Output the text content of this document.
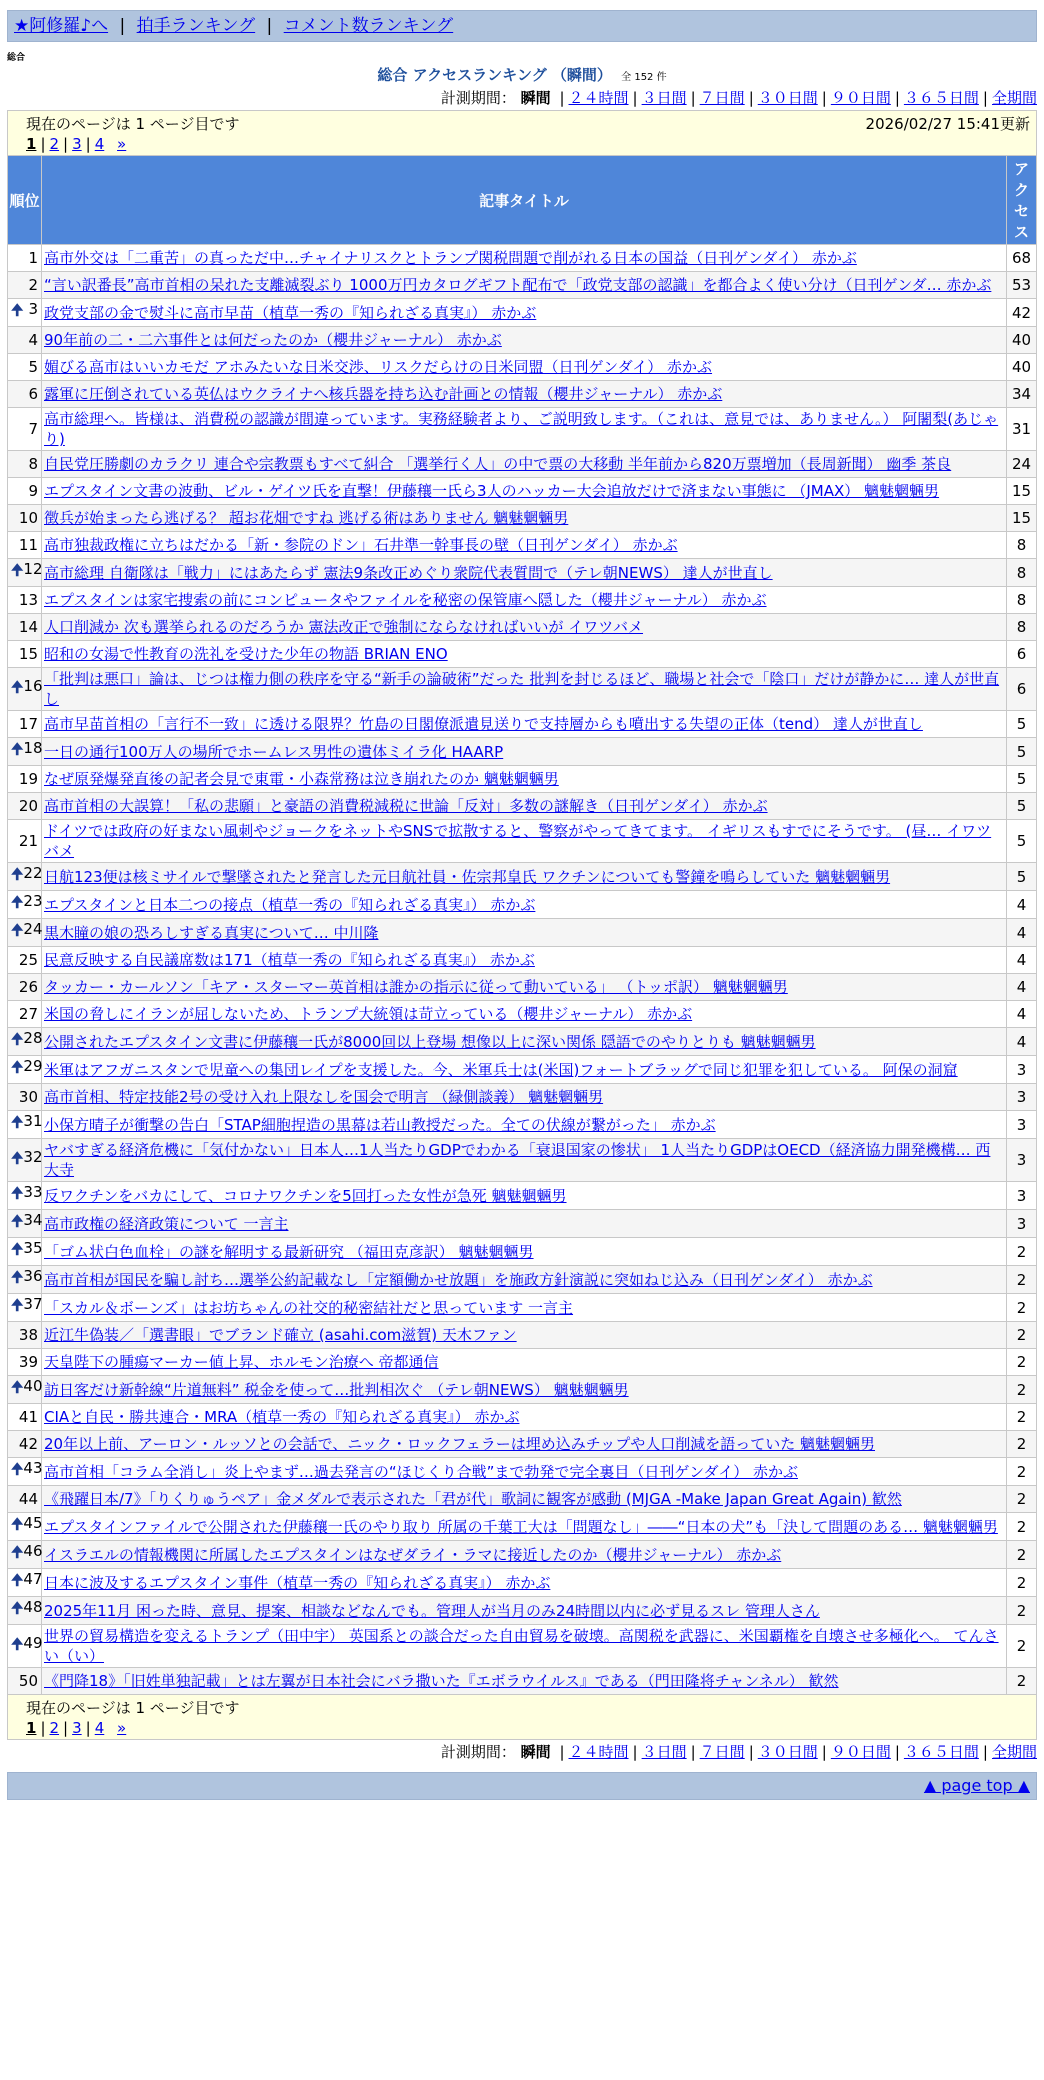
★阿修羅♪へ | 拍手ランキング | コメント数ランキング
総合
総合 アクセスランキング （瞬間） 全 152 件
計測期間： 瞬間 | ２４時間 | ３日間 | ７日間 | ３０日間 | ９０日間 | ３６５日間 | 全期間
2026/02/27 15:41更新
現在のページは 1 ページ目です
1 | 2 | 3 | 4 »		

順位	記事タイトル	アクセス
1	高市外交は「二重苦」の真っただ中…チャイナリスクとトランプ関税問題で削がれる日本の国益（日刊ゲンダイ） 赤かぶ	68
2	“言い訳番長”高市首相の呆れた支離滅裂ぶり 1000万円カタログギフト配布で「政党支部の認識」を都合よく使い分け（日刊ゲンダ… 赤かぶ	53

🠉 3	政党支部の金で熨斗に高市早苗（植草一秀の『知られざる真実』） 赤かぶ	42
4	90年前の二・二六事件とは何だったのか（櫻井ジャーナル） 赤かぶ	40
5	媚びる高市はいいカモだ アホみたいな日米交渉、リスクだらけの日米同盟（日刊ゲンダイ） 赤かぶ	40
6	露軍に圧倒されている英仏はウクライナへ核兵器を持ち込む計画との情報（櫻井ジャーナル） 赤かぶ	34
7	高市総理へ。皆様は、消費税の認識が間違っています。実務経験者より、ご説明致します。（これは、意見では、ありません。） 阿闍梨(あじゃり)	31
8	自民党圧勝劇のカラクリ 連合や宗教票もすべて糾合 「選挙行く人」の中で票の大移動 半年前から820万票増加（長周新聞） 幽季 茶良	24
9	エプスタイン文書の波動、ビル・ゲイツ氏を直撃！伊藤穰一氏ら3人のハッカー大会追放だけで済まない事態に （JMAX） 魑魅魍魎男	15
10	徴兵が始まったら逃げる？ 超お花畑ですね 逃げる術はありません 魑魅魍魎男	15
11	高市独裁政権に立ちはだかる「新・参院のドン」石井準一幹事長の壁（日刊ゲンダイ） 赤かぶ	8

🠉 12	高市総理 自衛隊は「戦力」にはあたらず 憲法9条改正めぐり衆院代表質問で（テレ朝NEWS） 達人が世直し	8
13	エプスタインは家宅捜索の前にコンピュータやファイルを秘密の保管庫へ隠した（櫻井ジャーナル） 赤かぶ	8
14	人口削減か 次も選挙られるのだろうか 憲法改正で強制にならなければいいが イワツバメ	8
15	昭和の女湯で性教育の洗礼を受けた少年の物語 BRIAN ENO	6

🠉 16	「批判は悪口」論は、じつは権力側の秩序を守る“新手の論破術”だった 批判を封じるほど、職場と社会で「陰口」だけが静かに… 達人が世直し	6
17	高市早苗首相の「言行不一致」に透ける限界？竹島の日閣僚派遣見送りで支持層からも噴出する失望の正体（tend） 達人が世直し	5

🠉 18	一日の通行100万人の場所でホームレス男性の遺体ミイラ化 HAARP	5
19	なぜ原発爆発直後の記者会見で東電・小森常務は泣き崩れたのか 魑魅魍魎男	5
20	高市首相の大誤算！「私の悲願」と豪語の消費税減税に世論「反対」多数の謎解き（日刊ゲンダイ） 赤かぶ	5
21	ドイツでは政府の好まない風刺やジョークをネットやSNSで拡散すると、警察がやってきてます。 イギリスもすでにそうです。 (昼… イワツバメ	5

🠉 22	日航123便は核ミサイルで撃墜されたと発言した元日航社員・佐宗邦皇氏 ワクチンについても警鐘を鳴らしていた 魑魅魍魎男	5

🠉 23	エプスタインと日本二つの接点（植草一秀の『知られざる真実』） 赤かぶ	4

🠉 24	黒木瞳の娘の恐ろしすぎる真実について… 中川隆	4
25	民意反映する自民議席数は171（植草一秀の『知られざる真実』） 赤かぶ	4
26	タッカー・カールソン「キア・スターマー英首相は誰かの指示に従って動いている」 （トッポ訳） 魑魅魍魎男	4
27	米国の脅しにイランが屈しないため、トランプ大統領は苛立っている（櫻井ジャーナル） 赤かぶ	4

🠉 28	公開されたエプスタイン文書に伊藤穰一氏が8000回以上登場 想像以上に深い関係 隠語でのやりとりも 魑魅魍魎男	4

🠉 29	米軍はアフガニスタンで児童への集団レイプを支援した。今、米軍兵士は(米国)フォートブラッグで同じ犯罪を犯している。 阿保の洞窟	3
30	高市首相、特定技能2号の受け入れ上限なしを国会で明言 （緑側談義） 魑魅魍魎男	3

🠉 31	小保方晴子が衝撃の告白「STAP細胞捏造の黒幕は若山教授だった。全ての伏線が繋がった」 赤かぶ	3

🠉 32	ヤバすぎる経済危機に「気付かない」日本人…1人当たりGDPでわかる「衰退国家の惨状」 1人当たりGDPはOECD（経済協力開発機構… 西大寺	3

🠉 33	反ワクチンをバカにして、コロナワクチンを5回打った女性が急死 魑魅魍魎男	3

🠉 34	高市政権の経済政策について 一言主	3

🠉 35	「ゴム状白色血栓」の謎を解明する最新研究 （福田克彦訳） 魑魅魍魎男	2

🠉 36	高市首相が国民を騙し討ち…選挙公約記載なし「定額働かせ放題」を施政方針演説に突如ねじ込み（日刊ゲンダイ） 赤かぶ	2

🠉 37	「スカル＆ボーンズ」はお坊ちゃんの社交的秘密結社だと思っています 一言主	2
38	近江牛偽装／「選書眼」でブランド確立 (asahi.com滋賀) 天木ファン	2
39	天皇陛下の腫瘍マーカー値上昇、ホルモン治療へ 帝都通信	2

🠉 40	訪日客だけ新幹線“片道無料” 税金を使って…批判相次ぐ （テレ朝NEWS） 魑魅魍魎男	2
41	CIAと自民・勝共連合・MRA（植草一秀の『知られざる真実』） 赤かぶ	2
42	20年以上前、アーロン・ルッソとの会話で、ニック・ロックフェラーは埋め込みチップや人口削減を語っていた 魑魅魍魎男	2

🠉 43	高市首相「コラム全消し」炎上やまず…過去発言の“ほじくり合戦”まで勃発で完全裏目（日刊ゲンダイ） 赤かぶ	2
44	《飛躍日本/7》「りくりゅうペア」金メダルで表示された「君が代」歌詞に観客が感動 (MJGA -Make Japan Great Again) 歓然	2

🠉 45	エプスタインファイルで公開された伊藤穰一氏のやり取り 所属の千葉工大は「問題なし」――“日本の犬”も「決して問題のある… 魑魅魍魎男	2

🠉 46	イスラエルの情報機関に所属したエプスタインはなぜダライ・ラマに接近したのか（櫻井ジャーナル） 赤かぶ	2

🠉 47	日本に波及するエプスタイン事件（植草一秀の『知られざる真実』） 赤かぶ	2

🠉 48	2025年11月 困った時、意見、提案、相談などなんでも。管理人が当月のみ24時間以内に必ず見るスレ 管理人さん	2

🠉 49	世界の貿易構造を変えるトランプ（田中宇） 英国系との談合だった自由貿易を破壊。高関税を武器に、米国覇権を自壊させ多極化へ。 てんさい（い）	2
50	《門降18》「旧姓単独記載」とは左翼が日本社会にバラ撒いた『エボラウイルス』である（門田隆将チャンネル） 歓然	2

現在のページは 1 ページ目です
1 | 2 | 3 | 4 »		
計測期間： 瞬間 | ２４時間 | ３日間 | ７日間 | ３０日間 | ９０日間 | ３６５日間 | 全期間
▲ page top ▲
